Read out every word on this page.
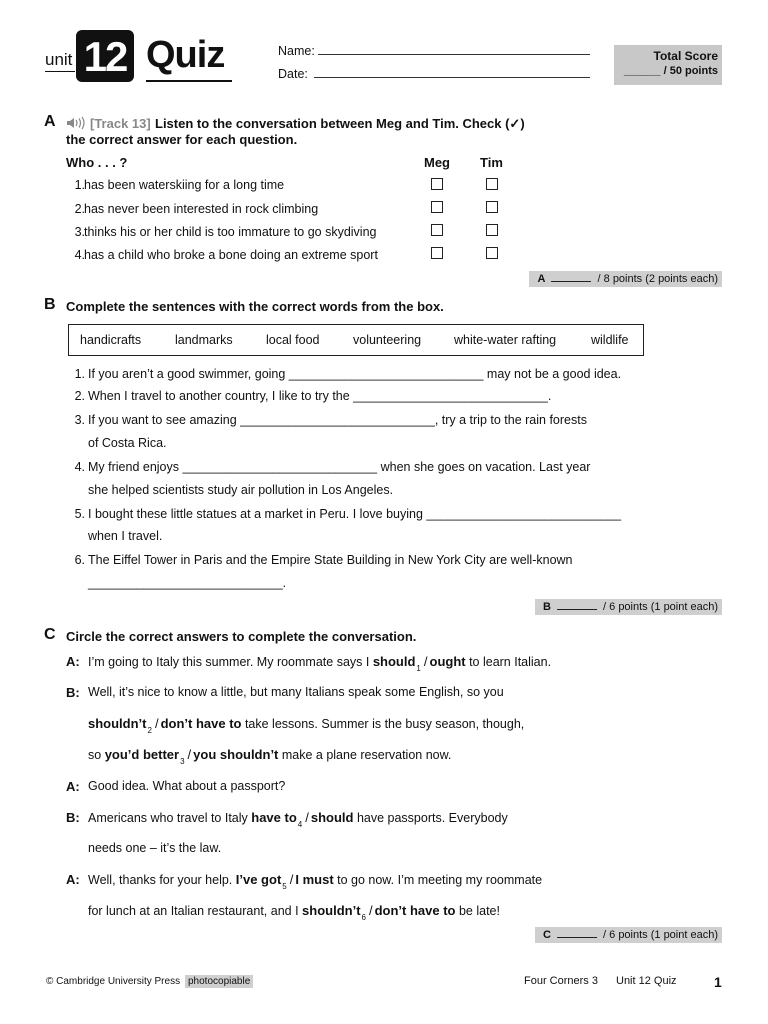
unit 12 Quiz	Name:
Date:
Total Score
______ / 50 points
A	[Track 13] Listen to the conversation between Meg and Tim. Check (✓)
the correct answer for each question.
Who . . . ?	Meg Tim
1. has been waterskiing for a long time
2. has never been interested in rock climbing
3. thinks his or her child is too immature to go skydiving
4. has a child who broke a bone doing an extreme sport
A	/ 8 points (2 points each)
B Complete the sentences with the correct words from the box.
handicrafts	landmarks	local food	volunteering	white-water rafting	wildlife
1. If you aren’t a good swimmer, going ____________________________ may not be a good idea.
2. When I travel to another country, I like to try the ____________________________.
3. If you want to see amazing ____________________________, try a trip to the rain forests
of Costa Rica.
4. My friend enjoys ____________________________ when she goes on vacation. Last year
she helped scientists study air pollution in Los Angeles.
5. I bought these little statues at a market in Peru. I love buying ____________________________
when I travel.
6. The Eiffel Tower in Paris and the Empire State Building in New York City are well-known
____________________________.
B	/ 6 points (1 point each)
C Circle the correct answers to complete the conversation.
A: I’m going to Italy this summer. My roommate says I should$_1$ / ought to learn Italian.
B: Well, it’s nice to know a little, but many Italians speak some English, so you
$shouldn’t_2$ / don’t have to take lessons. Summer is the busy season, though,
so you’d better$_3$ / you shouldn’t make a plane reservation now.
A: Good idea. What about a passport?
B: Americans who travel to Italy have $to_4$ / should have passports. Everybody
needs one – it’s the law.
A: Well, thanks for your help. I’ve got$_5$ / I must to go now. I’m meeting my roommate
for lunch at an Italian restaurant, and I $shouldn’t_6$ / don’t have to be late!
C	/ 6 points (1 point each)
© Cambridge University Press photocopiable	Four Corners 3 Unit 12 Quiz	1
